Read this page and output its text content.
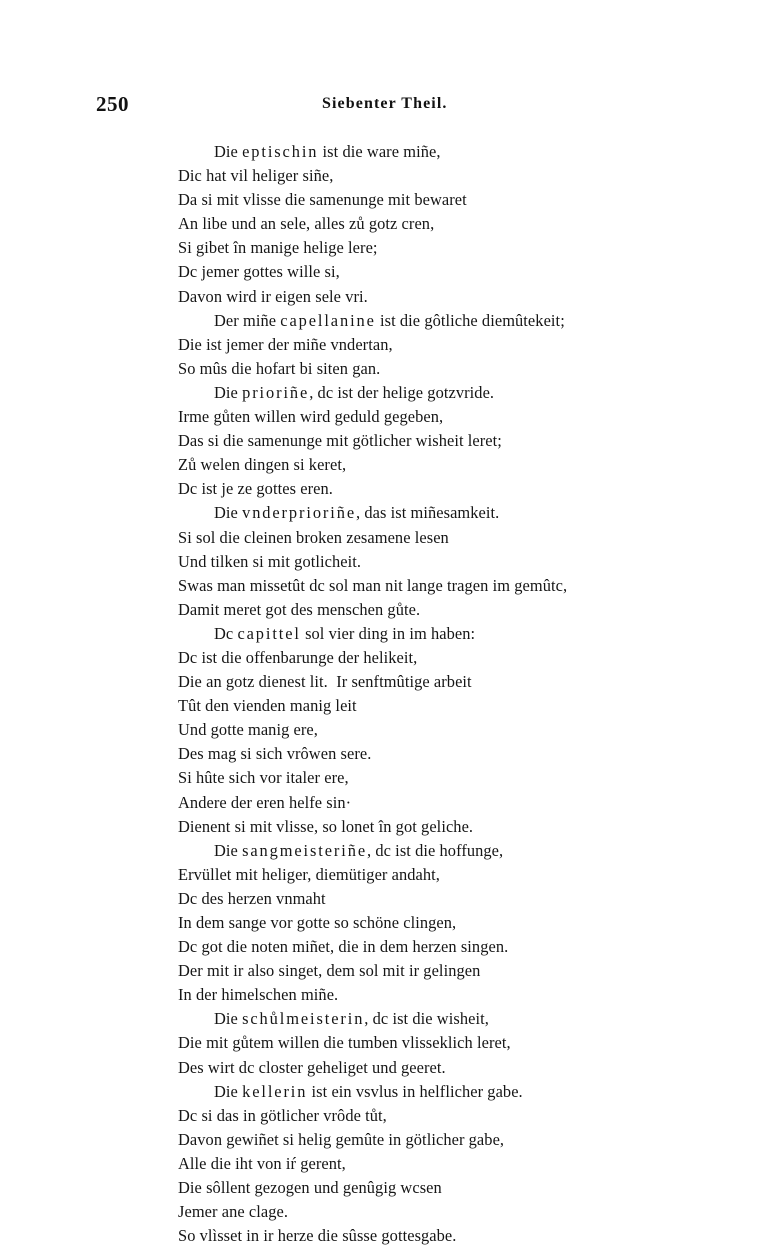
250	Siebenter Theil.
Die eptischin ist die ware miñe,
Dic hat vil heliger siñe,
Da si mit vlisse die samenunge mit bewaret
An libe und an sele, alles zů gotz cren,
Si gibet în manige helige lere;
Dc jemer gottes wille si,
Davon wird ir eigen sele vri.
Der miñe capellanine ist die gôtliche diemûtekeit;
Die ist jemer der miñe vndertan,
So mûs die hofart bi siten gan.
Die prioriñe, dc ist der helige gotzvride.
Irme gůten willen wird geduld gegeben,
Das si die samenunge mit götlicher wisheit leret;
Zů welen dingen si keret,
Dc ist je ze gottes eren.
Die vnderprioriñe, das ist miñesamkeit.
Si sol die cleinen broken zesamene lesen
Und tilken si mit gotlicheit.
Swas man missetût dc sol man nit lange tragen im gemûtc,
Damit meret got des menschen gůte.
Dc capittel sol vier ding in im haben:
Dc ist die offenbarunge der helikeit,
Die an gotz dienest lit.  Ir senftmûtige arbeit
Tût den vienden manig leit
Und gotte manig ere,
Des mag si sich vrôwen sere.
Si hûte sich vor italer ere,
Andere der eren helfe sin·
Dienent si mit vlisse, so lonet în got geliche.
Die sangmeisteriñe, dc ist die hoffunge,
Ervüllet mit heliger, diemütiger andaht,
Dc des herzen vnmaht
In dem sange vor gotte so schöne clingen,
Dc got die noten miñet, die in dem herzen singen.
Der mit ir also singet, dem sol mit ir gelingen
In der himelschen miñe.
Die schůlmeisterin, dc ist die wisheit,
Die mit gůtem willen die tumben vlisseklich leret,
Des wirt dc closter geheliget und geeret.
Die kellerin ist ein vsvlus in helflicher gabe.
Dc si das in götlicher vrôde tůt,
Davon gewiñet si helig gemûte in götlicher gabe,
Alle die iht von iŕ gerent,
Die sôllent gezogen und genûgig wcsen
Jemer ane clage.
So vlìsset in ir herze die sûsse gottesgabe.
